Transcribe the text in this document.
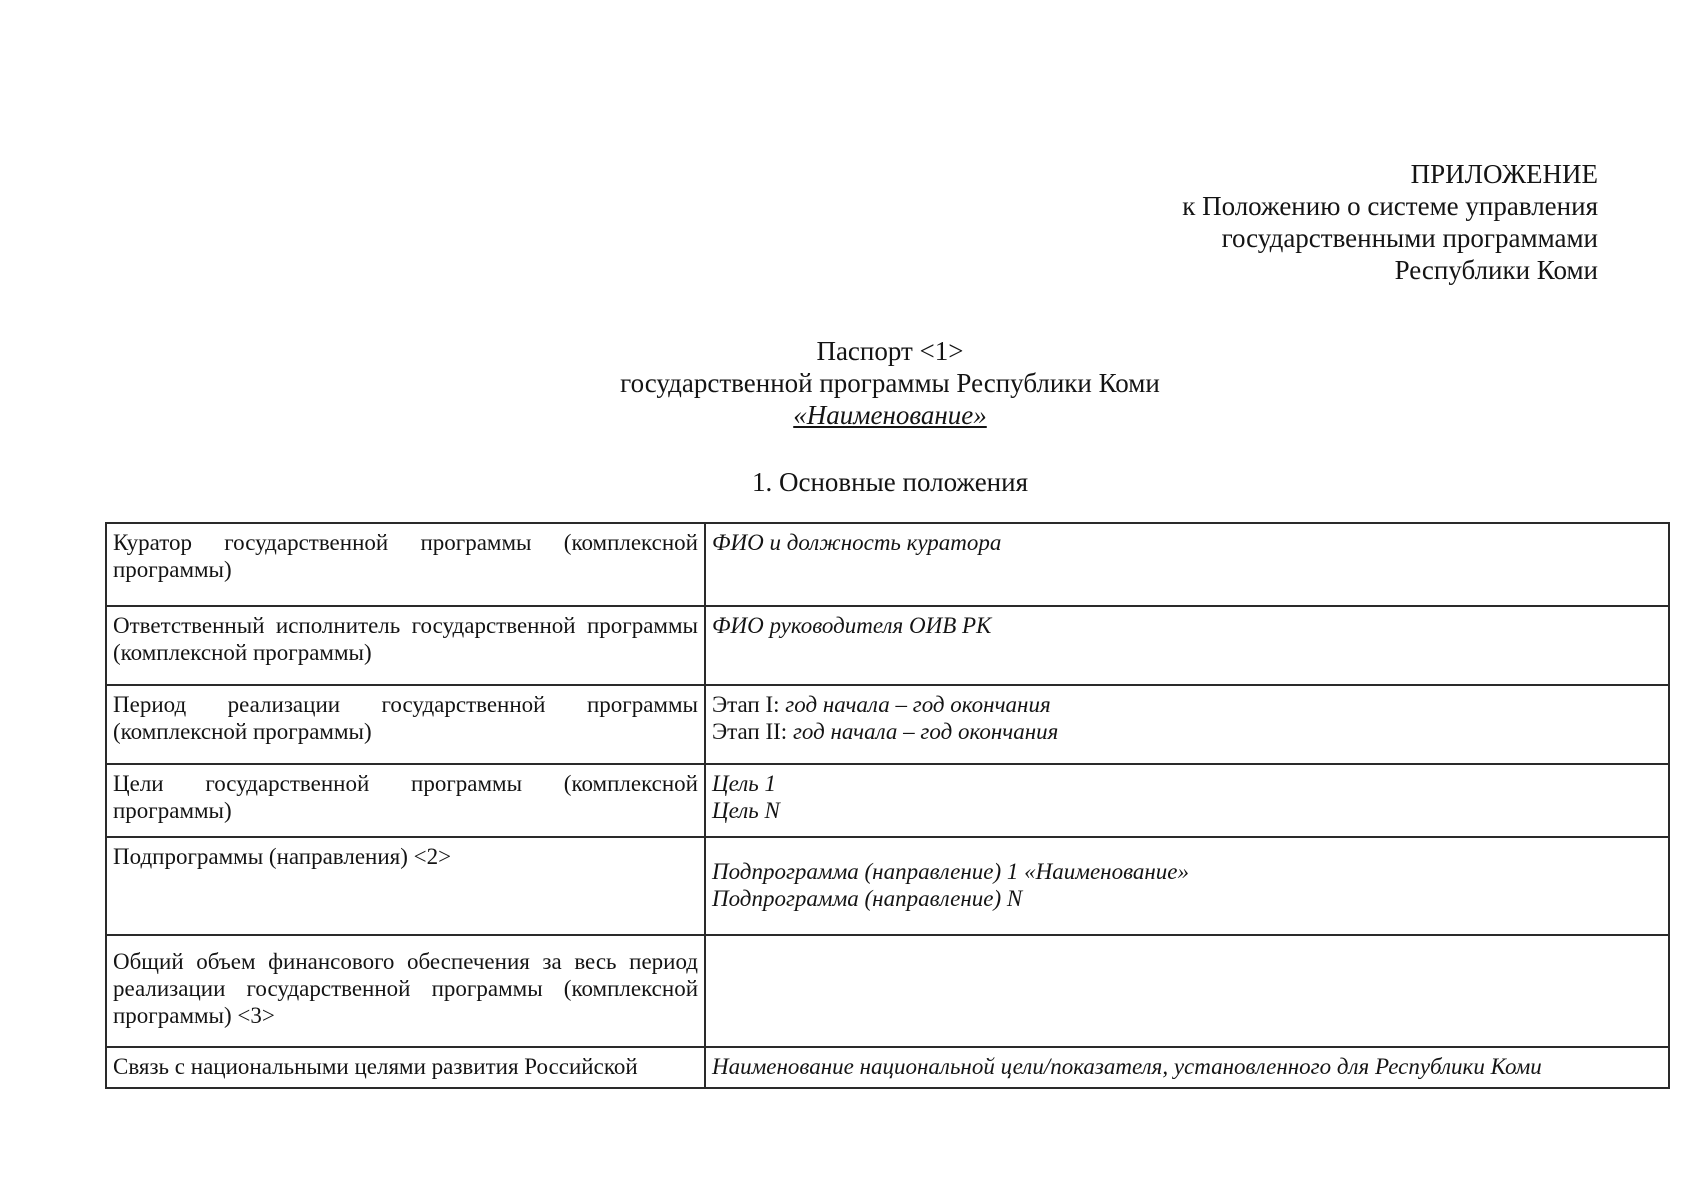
ПРИЛОЖЕНИЕ
к Положению о системе управления
государственными программами
Республики Коми
Паспорт <1>
государственной программы Республики Коми
«Наименование»
1. Основные положения
Куратор государственной программы (комплексной программы)	ФИО и должность куратора

Ответственный исполнитель государственной программы (комплексной программы)	ФИО руководителя ОИВ РК

Период реализации государственной программы (комплексной программы)	Этап I: год начала – год окончания
Этап II: год начала – год окончания

Цели государственной программы (комплексной программы)	Цель 1
Цель N

Подпрограммы (направления) <2>	Подпрограмма (направление) 1 «Наименование»
Подпрограмма (направление) N

Общий объем финансового обеспечения за весь период реализации государственной программы (комплексной программы) <3>	
Связь с национальными целями развития Российской	Наименование национальной цели/показателя, установленного для Республики Коми
